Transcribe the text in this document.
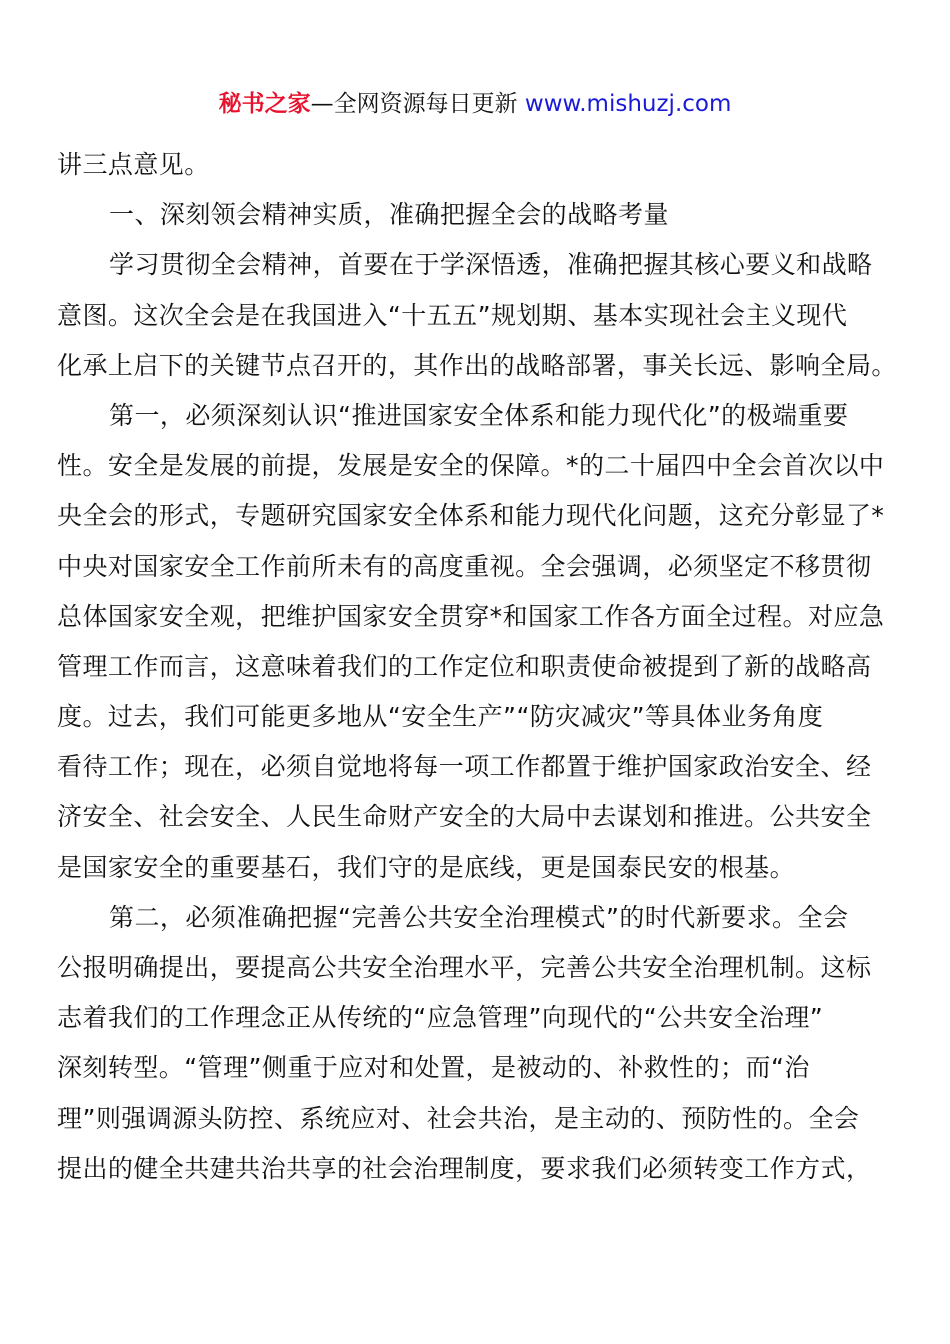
秘书之家—全网资源每日更新 www.mishuzj.com
讲三点意见。
一、深刻领会精神实质，准确把握全会的战略考量
学习贯彻全会精神，首要在于学深悟透，准确把握其核心要义和战略
意图。这次全会是在我国进入“十五五”规划期、基本实现社会主义现代
化承上启下的关键节点召开的，其作出的战略部署，事关长远、影响全局。
第一，必须深刻认识“推进国家安全体系和能力现代化”的极端重要
性。安全是发展的前提，发展是安全的保障。*的二十届四中全会首次以中
央全会的形式，专题研究国家安全体系和能力现代化问题，这充分彰显了*
中央对国家安全工作前所未有的高度重视。全会强调，必须坚定不移贯彻
总体国家安全观，把维护国家安全贯穿*和国家工作各方面全过程。对应急
管理工作而言，这意味着我们的工作定位和职责使命被提到了新的战略高
度。过去，我们可能更多地从“安全生产”“防灾减灾”等具体业务角度
看待工作；现在，必须自觉地将每一项工作都置于维护国家政治安全、经
济安全、社会安全、人民生命财产安全的大局中去谋划和推进。公共安全
是国家安全的重要基石，我们守的是底线，更是国泰民安的根基。
第二，必须准确把握“完善公共安全治理模式”的时代新要求。全会
公报明确提出，要提高公共安全治理水平，完善公共安全治理机制。这标
志着我们的工作理念正从传统的“应急管理”向现代的“公共安全治理”
深刻转型。“管理”侧重于应对和处置，是被动的、补救性的；而“治
理”则强调源头防控、系统应对、社会共治，是主动的、预防性的。全会
提出的健全共建共治共享的社会治理制度，要求我们必须转变工作方式，
